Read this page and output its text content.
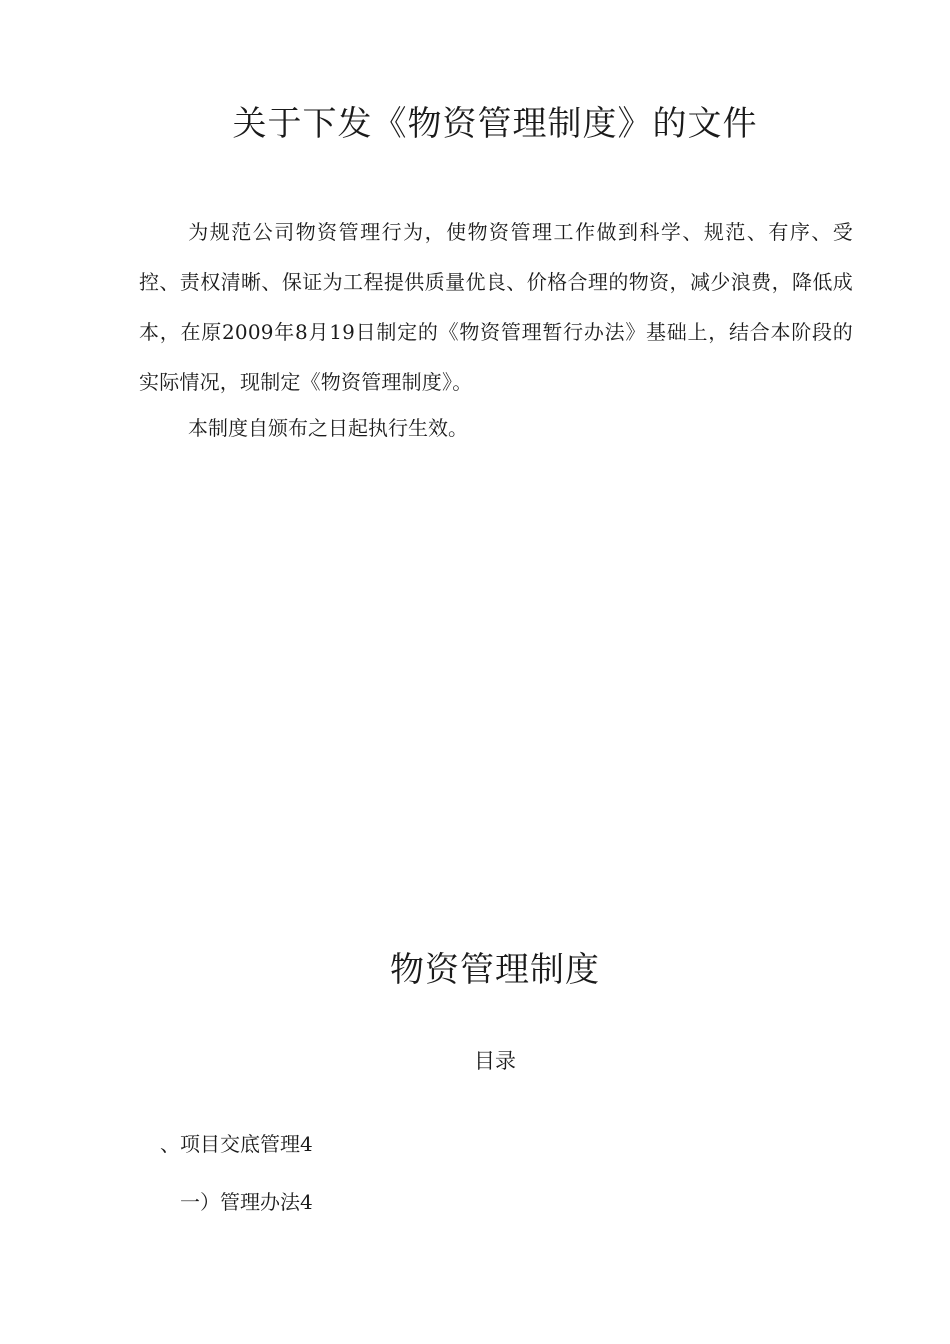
关于下发《物资管理制度》的文件

为规范公司物资管理行为，使物资管理工作做到科学、规范、有序、受控、责权清晰、保证为工程提供质量优良、价格合理的物资，减少浪费，降低成本，在原2009年8月19日制定的《物资管理暂行办法》基础上，结合本阶段的实际情况，现制定《物资管理制度》。

本制度自颁布之日起执行生效。

物资管理制度

目录

、项目交底管理4

一）管理办法4
